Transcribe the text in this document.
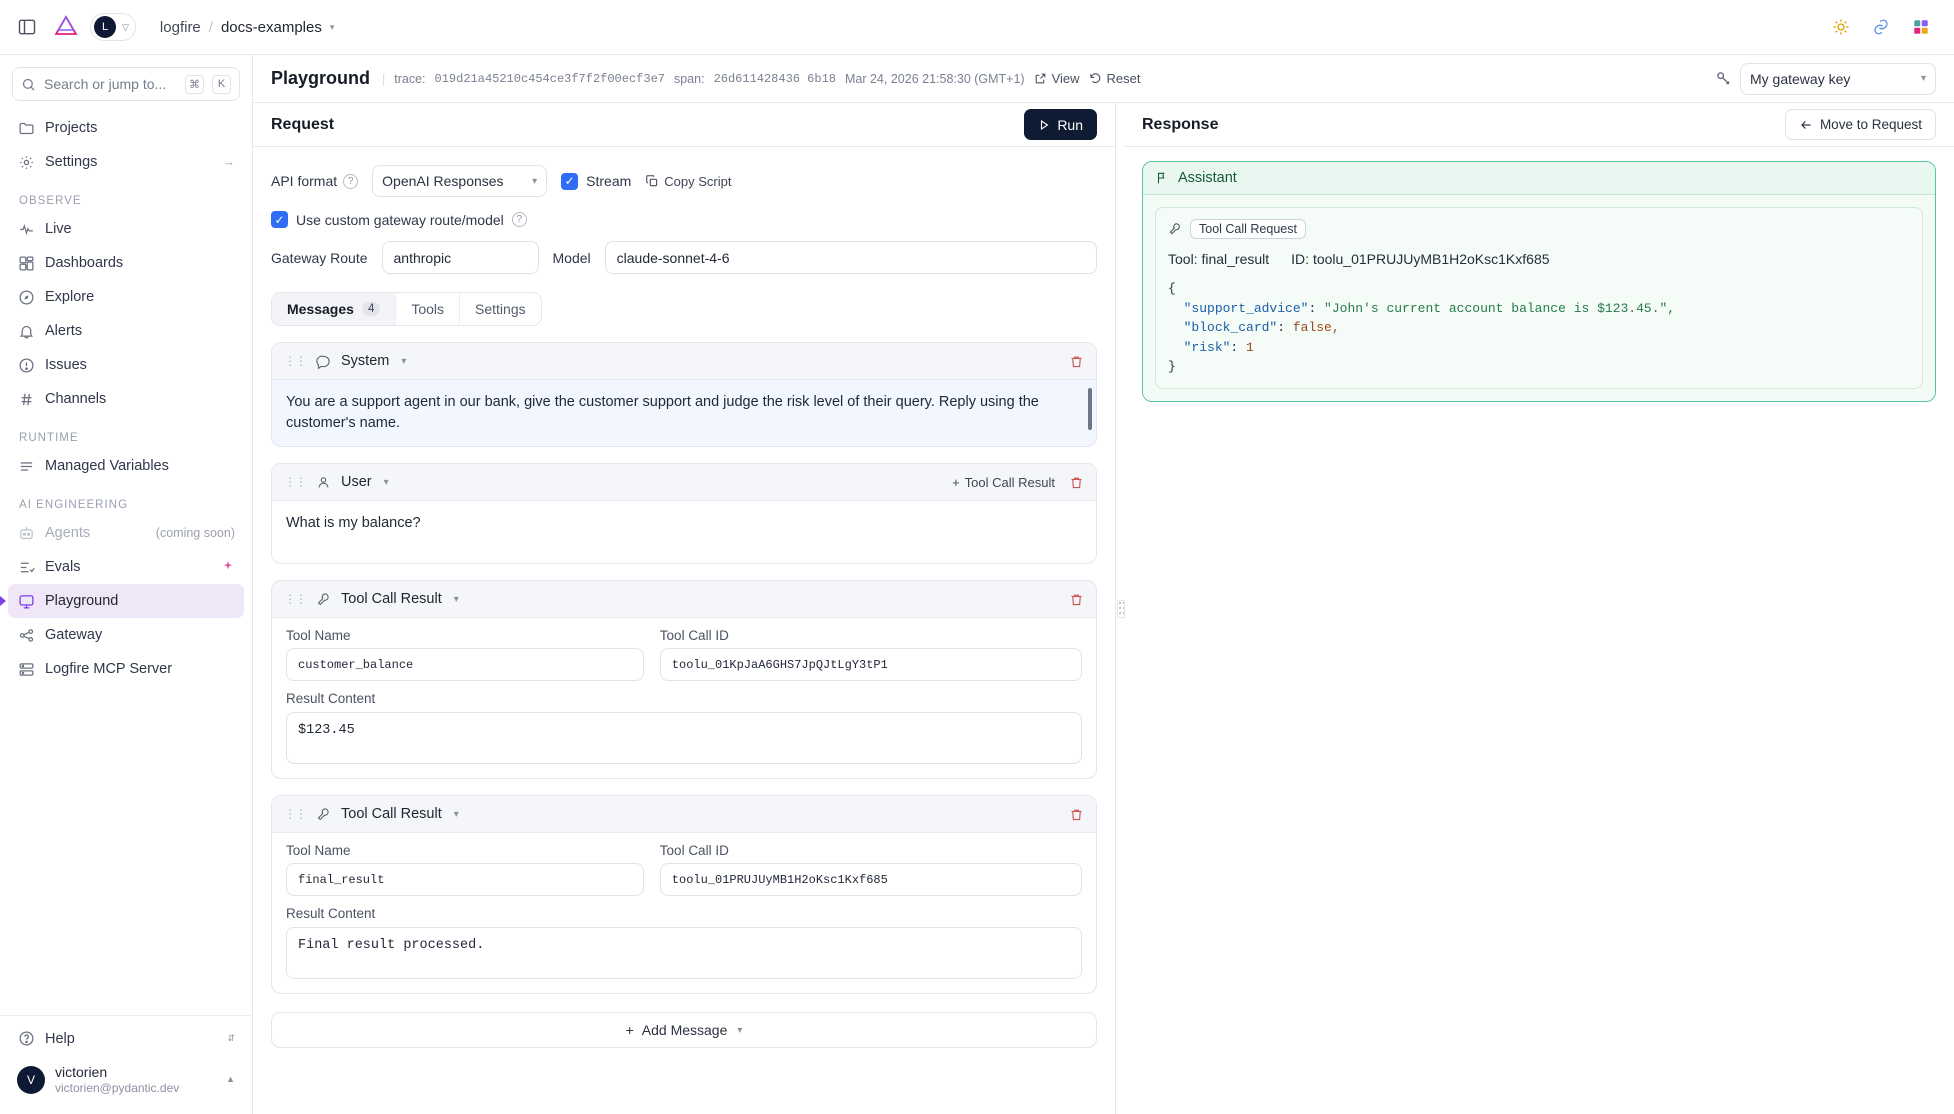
L	▽ logfire / docs-examples ▾
Search or jump to...	⌘	K
Projects
Settings	→
OBSERVE
Live
Dashboards
Explore
Alerts
Issues
Channels
RUNTIME
Managed Variables
AI ENGINEERING
Agents	(coming soon)
Evals
Playground
Gateway
Logfire MCP Server
Help	⇵
V
victorien
victorien@pydantic.dev
▲
Playground | trace: 019d21a45210c454ce3f7f2f00ecf3e7 span: 26d611428436 6b18 Mar 24, 2026 21:58:30 (GMT+1) View Reset	My gateway key	▾
Request	Run
API format	?	OpenAI Responses	▾ ✓ Stream	Copy Script
✓ Use custom gateway route/model	?
Gateway Route anthropic	Model claude-sonnet-4-6
Messages	4	Tools Settings
⋮⋮ System ▾
You are a support agent in our bank, give the customer support and judge the risk level of their query. Reply using the customer's name.
⋮⋮ User ▾	+ Tool Call Result
What is my balance?
⋮⋮ Tool Call Result ▾
Tool Name
customer_balance
Tool Call ID
toolu_01KpJaA6GHS7JpQJtLgY3tP1
Result Content
$123.45
⋮⋮ Tool Call Result ▾
Tool Name
final_result
Tool Call ID
toolu_01PRUJUyMB1H2oKsc1Kxf685
Result Content
Final result processed.
+ Add Message ▾
Response	Move to Request
Assistant
Tool Call Request
Tool: final_result ID: toolu_01PRUJUyMB1H2oKsc1Kxf685
{
"support_advice": "John's current account balance is $123.45.",
"block_card": false,
"risk": 1
}
